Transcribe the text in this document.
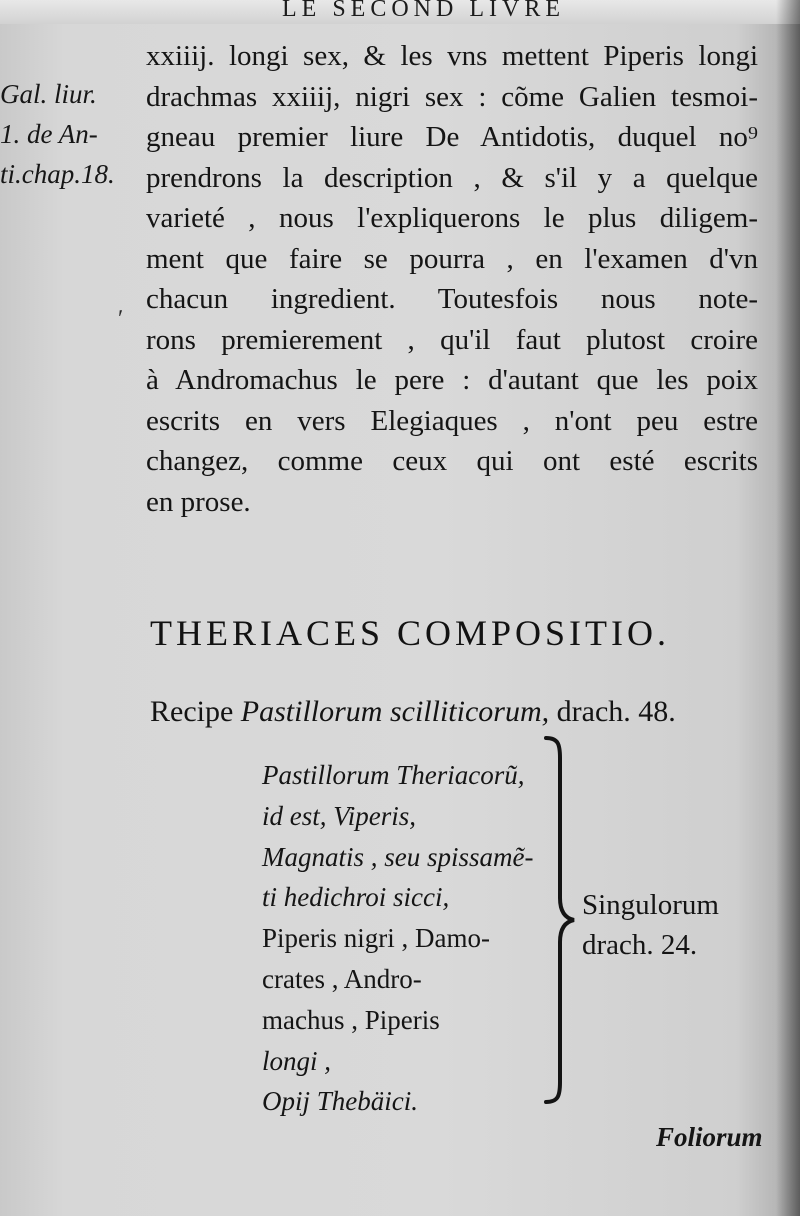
LE SECOND LIVRE
Gal. liur.
1. de An-
ti.chap.18.
ʹ
xxiiij. longi sex, & les vns mettent Piperis longi
drachmas xxiiij, nigri sex : cõme Galien tesmoi-
gneau premier liure De Antidotis, duquel no⁹
prendrons la description , & s'il y a quelque
varieté , nous l'expliquerons le plus diligem-
ment que faire se pourra , en l'examen d'vn
chacun ingredient. Toutesfois nous note-
rons premierement , qu'il faut plutost croire
à Andromachus le pere : d'autant que les poix
escrits en vers Elegiaques , n'ont peu estre
changez, comme ceux qui ont esté escrits
en prose.
THERIACES COMPOSITIO.
Recipe Pastillorum scilliticorum, drach. 48.
Pastillorum Theriacorũ,
id est, Viperis,
Magnatis , seu spissamẽ-
ti hedichroi sicci,
Piperis nigri , Damo-
crates , Andro-
machus , Piperis
longi ,
Opij Thebäici.
Singulorum
drach. 24.
Foliorum
